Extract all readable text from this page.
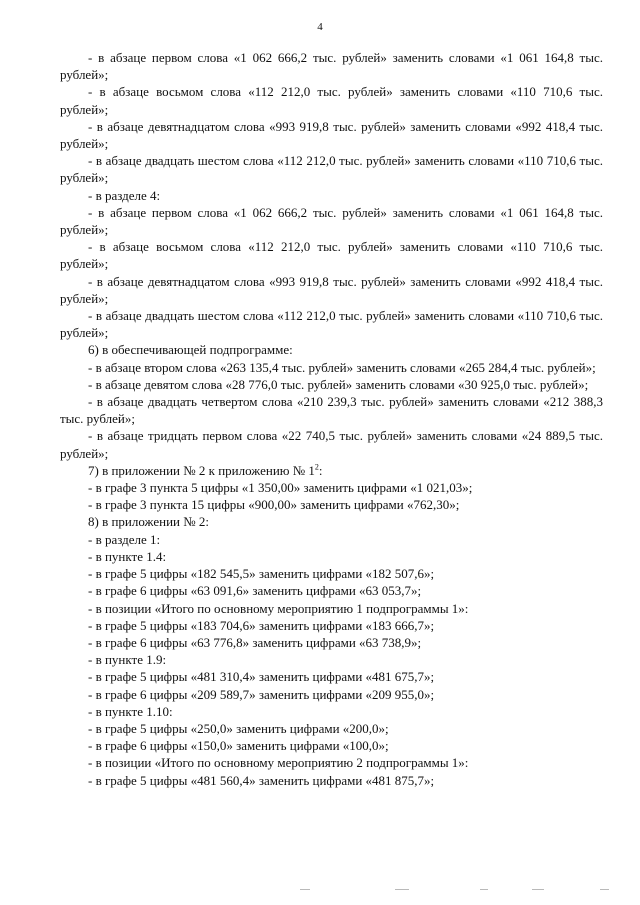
4

- в абзаце первом слова «1 062 666,2 тыс. рублей» заменить словами «1 061 164,8 тыс. рублей»;

- в абзаце восьмом слова «112 212,0 тыс. рублей» заменить словами «110 710,6 тыс. рублей»;

- в абзаце девятнадцатом слова «993 919,8 тыс. рублей» заменить словами «992 418,4 тыс. рублей»;

- в абзаце двадцать шестом слова «112 212,0 тыс. рублей» заменить словами «110 710,6 тыс. рублей»;

- в разделе 4:

- в абзаце первом слова «1 062 666,2 тыс. рублей» заменить словами «1 061 164,8 тыс. рублей»;

- в абзаце восьмом слова «112 212,0 тыс. рублей» заменить словами «110 710,6 тыс. рублей»;

- в абзаце девятнадцатом слова «993 919,8 тыс. рублей» заменить словами «992 418,4 тыс. рублей»;

- в абзаце двадцать шестом слова «112 212,0 тыс. рублей» заменить словами «110 710,6 тыс. рублей»;

6) в обеспечивающей подпрограмме:

- в абзаце втором слова «263 135,4 тыс. рублей» заменить словами «265 284,4 тыс. рублей»;

- в абзаце девятом слова «28 776,0 тыс. рублей» заменить словами «30 925,0 тыс. рублей»;

- в абзаце двадцать четвертом слова «210 239,3 тыс. рублей» заменить словами «212 388,3 тыс. рублей»;

- в абзаце тридцать первом слова «22 740,5 тыс. рублей» заменить словами «24 889,5 тыс. рублей»;

7) в приложении № 2 к приложению № $1^2$:

- в графе 3 пункта 5 цифры «1 350,00» заменить цифрами «1 021,03»;

- в графе 3 пункта 15 цифры «900,00» заменить цифрами «762,30»;

8) в приложении № 2:

- в разделе 1:

- в пункте 1.4:

- в графе 5 цифры «182 545,5» заменить цифрами «182 507,6»;

- в графе 6 цифры «63 091,6» заменить цифрами «63 053,7»;

- в позиции «Итого по основному мероприятию 1 подпрограммы 1»:

- в графе 5 цифры «183 704,6» заменить цифрами «183 666,7»;

- в графе 6 цифры «63 776,8» заменить цифрами «63 738,9»;

- в пункте 1.9:

- в графе 5 цифры «481 310,4» заменить цифрами «481 675,7»;

- в графе 6 цифры «209 589,7» заменить цифрами «209 955,0»;

- в пункте 1.10:

- в графе 5 цифры «250,0» заменить цифрами «200,0»;

- в графе 6 цифры «150,0» заменить цифрами «100,0»;

- в позиции «Итого по основному мероприятию 2 подпрограммы 1»:

- в графе 5 цифры «481 560,4» заменить цифрами «481 875,7»;
